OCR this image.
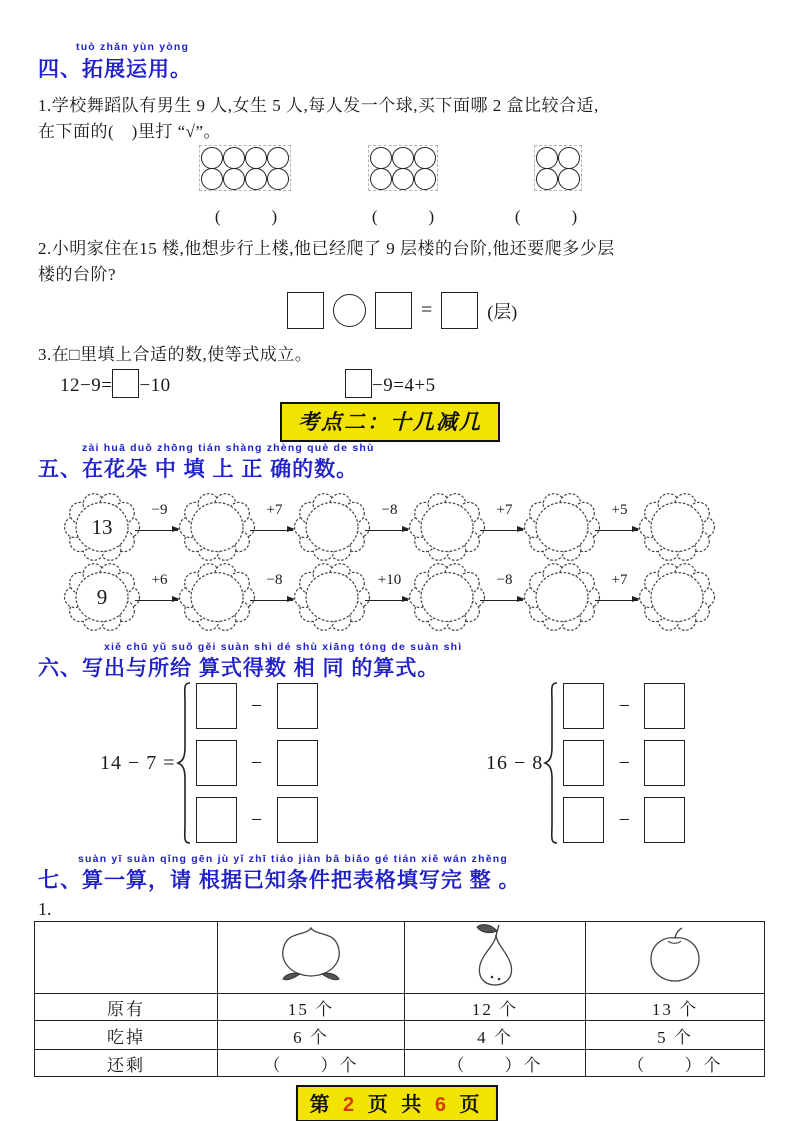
tuò zhǎn yùn yòng
四、拓展运用。
1.学校舞蹈队有男生 9 人,女生 5 人,每人发一个球,买下面哪 2 盒比较合适,
在下面的(　)里打 “√”。
(　　　)	(　　　)	(　　　)
2.小明家住在15 楼,他想步行上楼,他已经爬了 9 层楼的台阶,他还要爬多少层
楼的台阶?
=	(层)
3.在□里填上合适的数,使等式成立。
12−9= −10	−9=4+5
考点二：十几减几
zài huā duǒ zhōng tián shàng zhèng què de shù
五、在花朵 中 填 上 正 确的数。
13
−9	+7	−8	+7	+5
9
+6	−8	+10	−8	+7
xiě chū yǔ suǒ gěi suàn shì dé shù xiāng tóng de suàn shì
六、写出与所给 算式得数 相 同 的算式。
14 − 7 =
−
−
−
16 − 8
−
−
−
suàn yī suàn qǐng gēn jù yǐ zhī tiáo jiàn bǎ biǎo gé tián xiě wán zhěng
七、算一算，请 根据已知条件把表格填写完 整 。
1.

原有	15 个	12 个	13 个
吃掉	6 个	4 个	5 个
还剩	（　　）个	（　　）个	（　　）个
第 2 页 共 6 页
